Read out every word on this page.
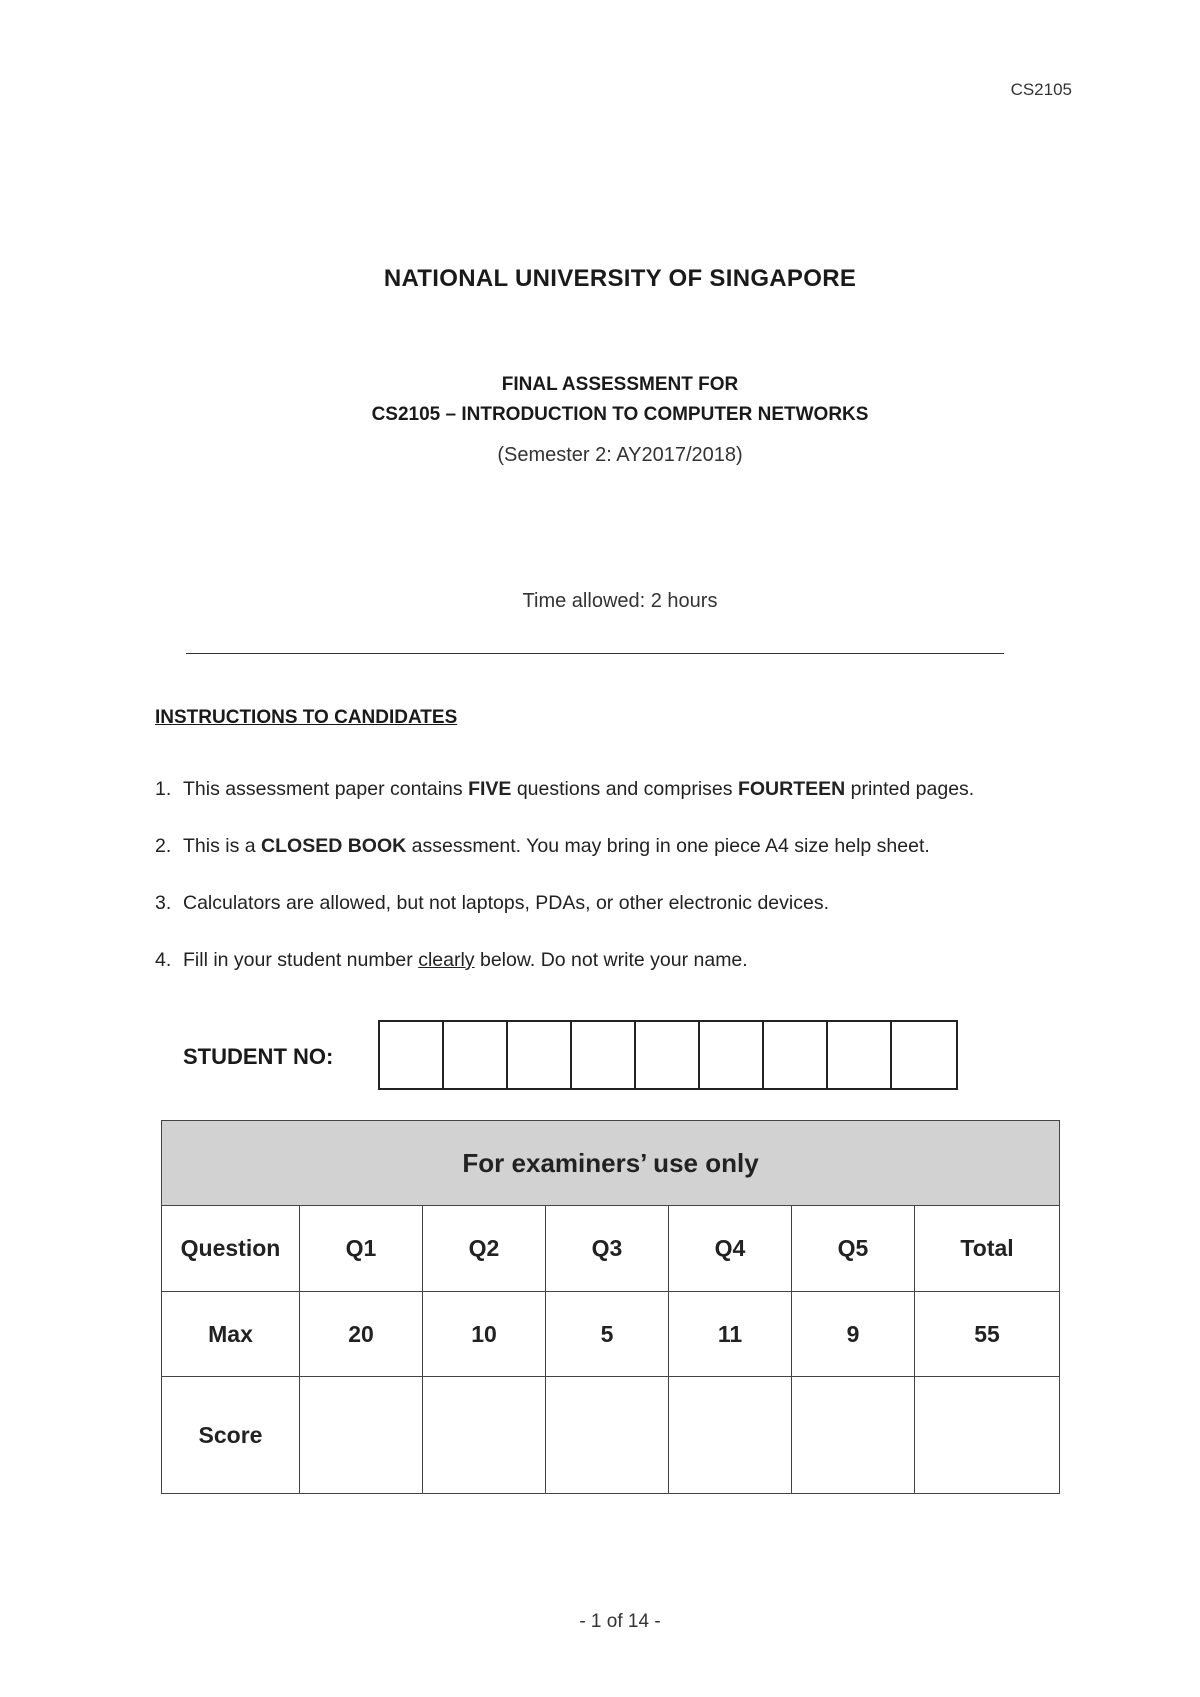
CS2105
NATIONAL UNIVERSITY OF SINGAPORE
FINAL ASSESSMENT FOR
CS2105 – INTRODUCTION TO COMPUTER NETWORKS
(Semester 2: AY2017/2018)
Time allowed: 2 hours
INSTRUCTIONS TO CANDIDATES
1. This assessment paper contains FIVE questions and comprises FOURTEEN printed pages.
2. This is a CLOSED BOOK assessment. You may bring in one piece A4 size help sheet.
3. Calculators are allowed, but not laptops, PDAs, or other electronic devices.
4. Fill in your student number clearly below. Do not write your name.
STUDENT NO:
For examiners’ use only						
Question	Q1	Q2	Q3	Q4	Q5	Total
Max	20	10	5	11	9	55
Score						
- 1 of 14 -
